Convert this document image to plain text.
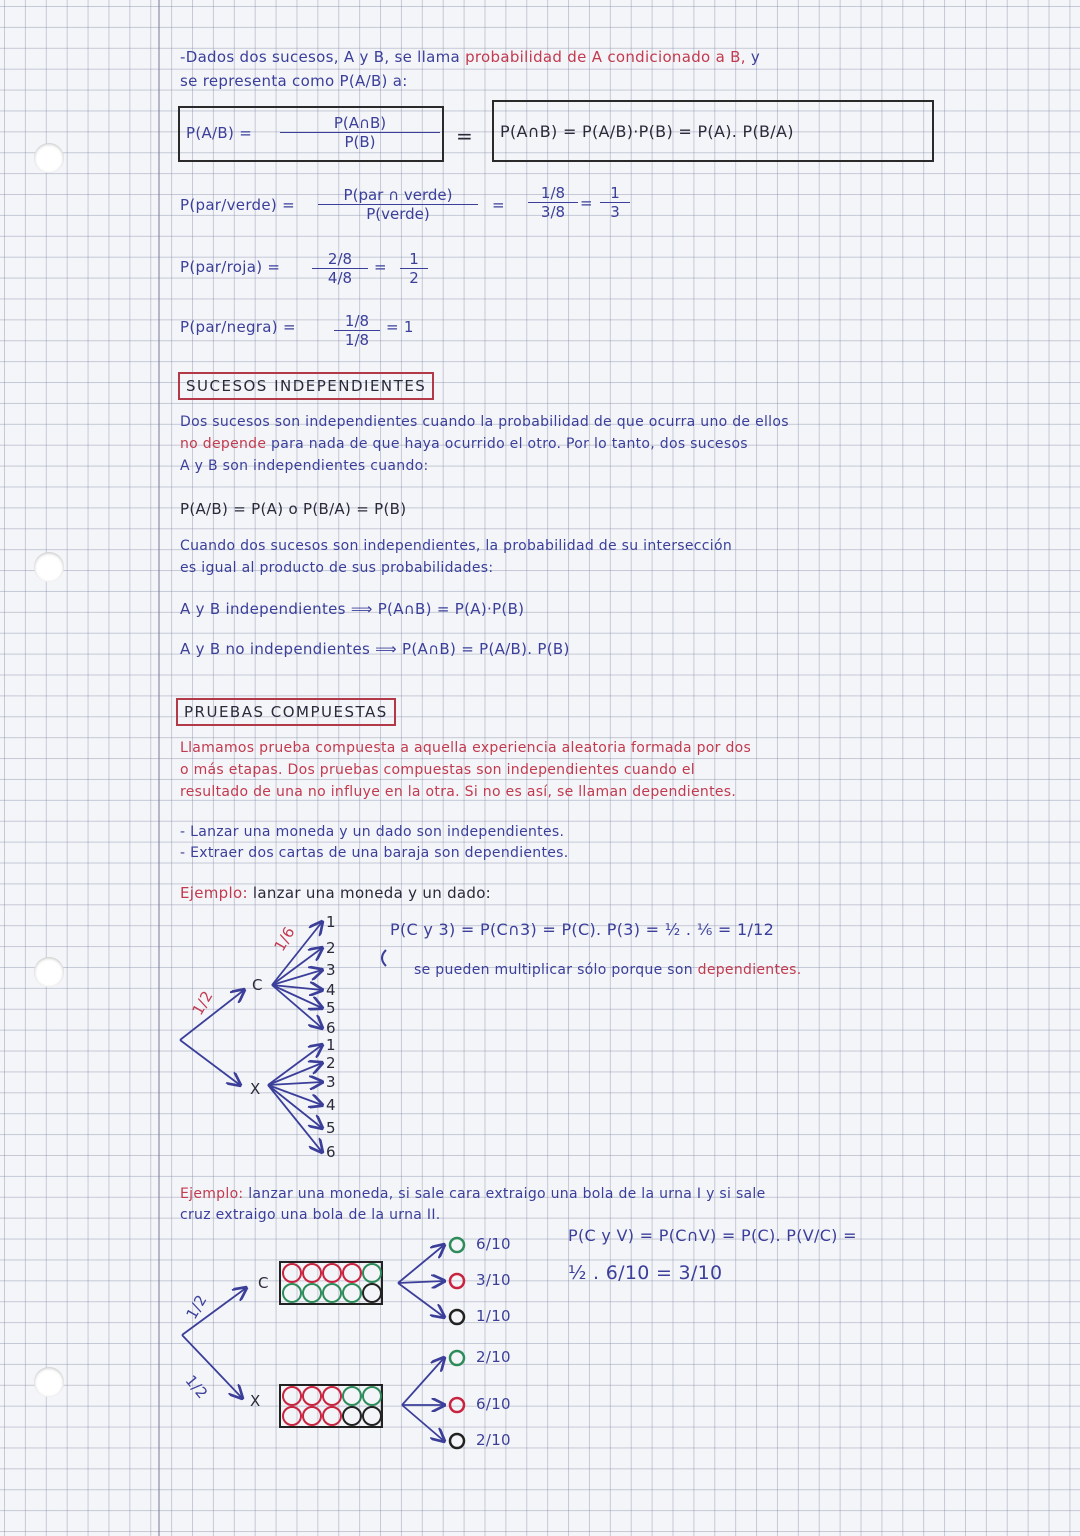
-Dados dos sucesos, A y B, se llama probabilidad de A condicionado a B, y
se representa como P(A/B) a:
$P(A/B) = \frac{P(A\cap B)}{P(B)}$ = P(A∩B) = P(A/B)·P(B) = P(A). P(B/A)
P(par/verde) =
P(par ∩ verde)
P(verde)	= $\frac{1/8}{3/8} = \frac{1}{3}$
P(par/roja) = $\frac{2/8}{4/8} = \frac{1}{2}$
P(par/negra) =	$\frac{1/8}{1/8} = 1$
SUCESOS INDEPENDIENTES
Dos sucesos son independientes cuando la probabilidad de que ocurra uno de ellos
no depende para nada de que haya ocurrido el otro. Por lo tanto, dos sucesos
A y B son independientes cuando:
P(A/B) = P(A) o P(B/A) = P(B)
Cuando dos sucesos son independientes, la probabilidad de su intersección
es igual al producto de sus probabilidades:
A y B independientes ⟹ P(A∩B) = P(A)·P(B)
A y B no independientes ⟹ P(A∩B) = P(A/B). P(B)
PRUEBAS COMPUESTAS
Llamamos prueba compuesta a aquella experiencia aleatoria formada por dos
o más etapas. Dos pruebas compuestas son independientes cuando el
resultado de una no influye en la otra. Si no es así, se llaman dependientes.
- Lanzar una moneda y un dado son independientes.
- Extraer dos cartas de una baraja son dependientes.
Ejemplo: lanzar una moneda y un dado:
P(C y 3) = P(C∩3) = P(C). P(3) = ½ . ⅙ = 1/12
se pueden multiplicar sólo porque son dependientes.
1/2
1/6
C
X
1
2
3
4
5
6
1
2
3
4
5
6
Ejemplo: lanzar una moneda, si sale cara extraigo una bola de la urna I y si sale
cruz extraigo una bola de la urna II.
P(C y V) = P(C∩V) = P(C). P(V/C) =
½ . 6/10 = 3/10
1/2
1/2
C
X
6/10
3/10
1/10
2/10
6/10
2/10
